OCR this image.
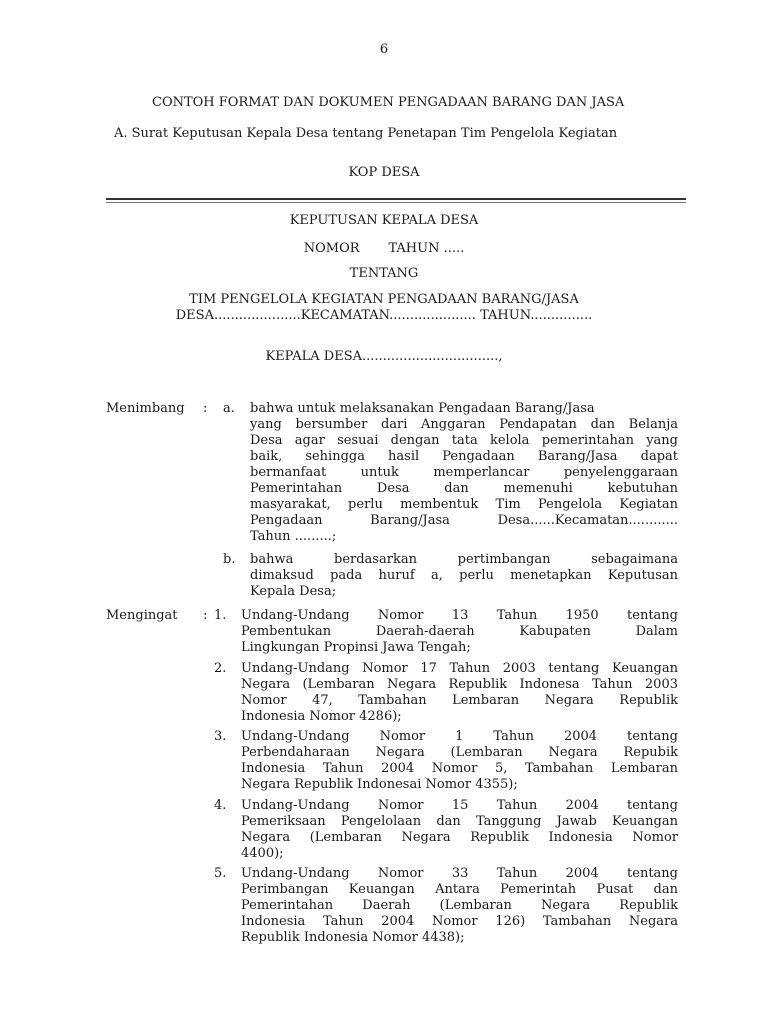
6
CONTOH FORMAT DAN DOKUMEN PENGADAAN BARANG DAN JASA
A. Surat Keputusan Kepala Desa tentang Penetapan Tim Pengelola Kegiatan
KOP DESA
KEPUTUSAN KEPALA DESA
NOMOR       TAHUN .....
TENTANG
TIM PENGELOLA KEGIATAN PENGADAAN BARANG/JASA
DESA.....................KECAMATAN..................... TAHUN...............
KEPALA DESA.................................,
Menimbang : a. bahwa untuk melaksanakan Pengadaan Barang/Jasa
yang bersumber dari Anggaran Pendapatan dan Belanja
Desa agar sesuai dengan tata kelola pemerintahan yang
baik, sehingga hasil Pengadaan Barang/Jasa dapat
bermanfaat untuk memperlancar penyelenggaraan
Pemerintahan Desa dan memenuhi kebutuhan
masyarakat, perlu membentuk Tim Pengelola Kegiatan
Pengadaan Barang/Jasa Desa......Kecamatan............
Tahun .........;
b. bahwa berdasarkan pertimbangan sebagaimana
dimaksud pada huruf a, perlu menetapkan Keputusan
Kepala Desa;
Mengingat : 1. Undang-Undang Nomor 13 Tahun 1950 tentang
Pembentukan Daerah-daerah Kabupaten Dalam
Lingkungan Propinsi Jawa Tengah;
2. Undang-Undang Nomor 17 Tahun 2003 tentang Keuangan
Negara (Lembaran Negara Republik Indonesa Tahun 2003
Nomor 47, Tambahan Lembaran Negara Republik
Indonesia Nomor 4286);
3. Undang-Undang Nomor 1 Tahun 2004 tentang
Perbendaharaan Negara (Lembaran Negara Repubik
Indonesia Tahun 2004 Nomor 5, Tambahan Lembaran
Negara Republik Indonesai Nomor 4355);
4. Undang-Undang Nomor 15 Tahun 2004 tentang
Pemeriksaan Pengelolaan dan Tanggung Jawab Keuangan
Negara (Lembaran Negara Republik Indonesia Nomor
4400);
5. Undang-Undang Nomor 33 Tahun 2004 tentang
Perimbangan Keuangan Antara Pemerintah Pusat dan
Pemerintahan Daerah (Lembaran Negara Republik
Indonesia Tahun 2004 Nomor 126) Tambahan Negara
Republik Indonesia Nomor 4438);
